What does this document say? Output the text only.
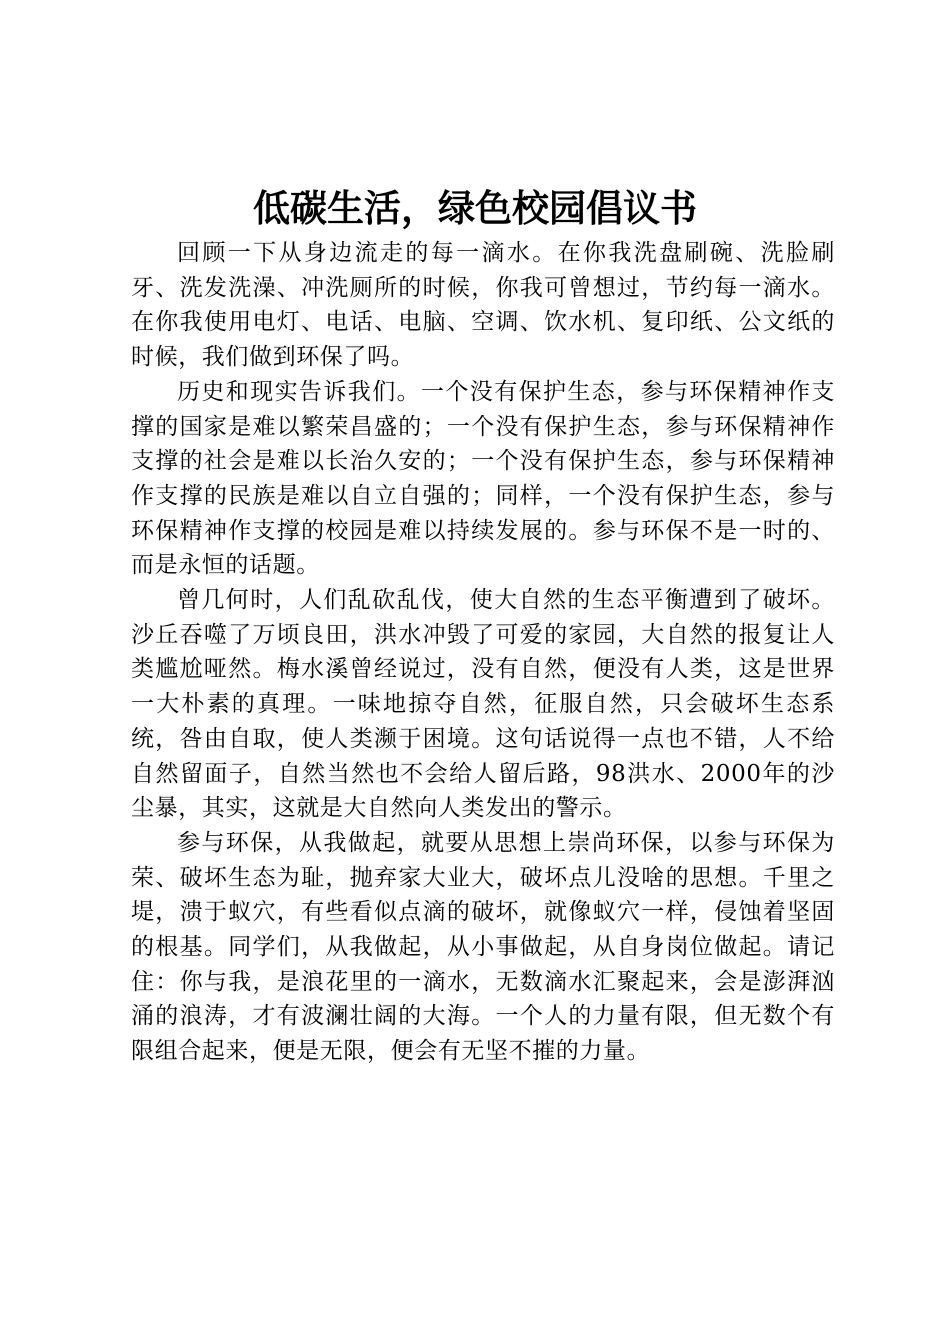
低碳生活，绿色校园倡议书

回顾一下从身边流走的每一滴水。在你我洗盘刷碗、洗脸刷牙、洗发洗澡、冲洗厕所的时候，你我可曾想过，节约每一滴水。在你我使用电灯、电话、电脑、空调、饮水机、复印纸、公文纸的时候，我们做到环保了吗。

历史和现实告诉我们。一个没有保护生态，参与环保精神作支撑的国家是难以繁荣昌盛的；一个没有保护生态，参与环保精神作支撑的社会是难以长治久安的；一个没有保护生态，参与环保精神作支撑的民族是难以自立自强的；同样，一个没有保护生态，参与环保精神作支撑的校园是难以持续发展的。参与环保不是一时的、而是永恒的话题。

曾几何时，人们乱砍乱伐，使大自然的生态平衡遭到了破坏。沙丘吞噬了万顷良田，洪水冲毁了可爱的家园，大自然的报复让人类尴尬哑然。梅水溪曾经说过，没有自然，便没有人类，这是世界一大朴素的真理。一味地掠夺自然，征服自然，只会破坏生态系统，咎由自取，使人类濒于困境。这句话说得一点也不错，人不给自然留面子，自然当然也不会给人留后路，98洪水、2000年的沙尘暴，其实，这就是大自然向人类发出的警示。

参与环保，从我做起，就要从思想上崇尚环保，以参与环保为荣、破坏生态为耻，抛弃家大业大，破坏点儿没啥的思想。千里之堤，溃于蚁穴，有些看似点滴的破坏，就像蚁穴一样，侵蚀着坚固的根基。同学们，从我做起，从小事做起，从自身岗位做起。请记住：你与我，是浪花里的一滴水，无数滴水汇聚起来，会是澎湃汹涌的浪涛，才有波澜壮阔的大海。一个人的力量有限，但无数个有限组合起来，便是无限，便会有无坚不摧的力量。
